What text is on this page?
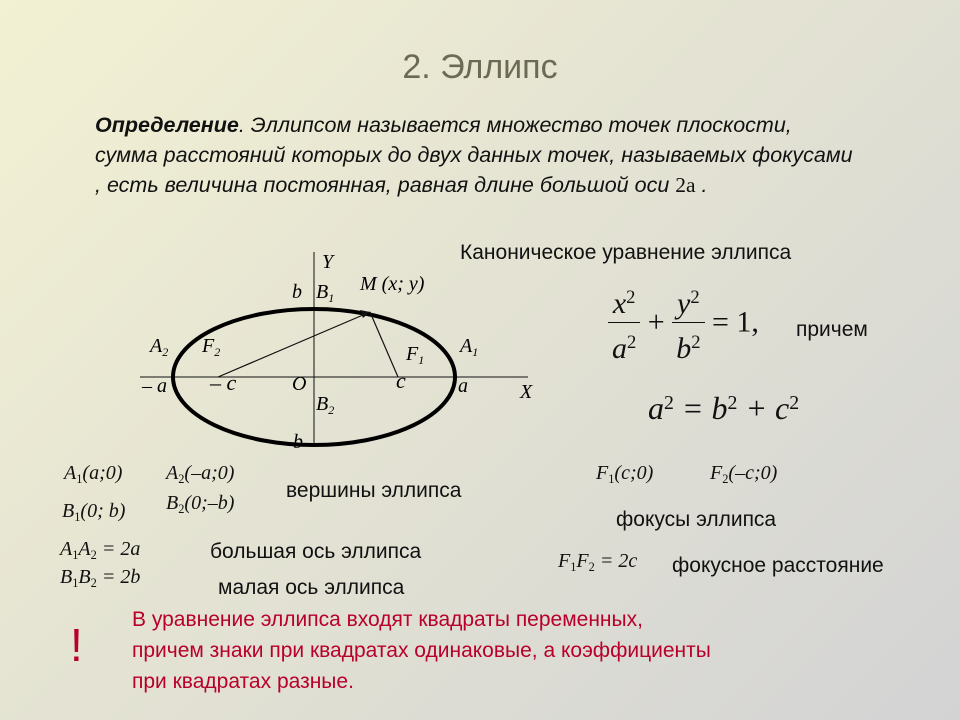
2. Эллипс
Определение. Эллипсом называется множество точек плоскости, сумма расстояний которых до двух данных точек, называемых фокусами , есть величина постоянная, равная длине большой оси 2a .
Y
X
b
– b
a
– a	c
– c	O
M (x; y)
$B_1$
$B_2$
$A_2$	$A_1$
$F_2$	$F_1$
Каноническое уравнение эллипса
$\frac{x^2}{a^2} + \frac{y^2}{b^2} = 1$, причем
$a^2 = b^2 + c^2$
$A_1(a;0)$ $A_2(-a;0)$
$B_1(0$; b) $B_2(0;-b)$
вершины эллипса
$A_1A_2 = 2a$
$B_1B_2 = 2b$
большая ось эллипса
малая ось эллипса
$F_1(c;0)$	$F_2(-c;0)$
фокусы эллипса
$F_1F_2 = 2c$ фокусное расстояние
! В уравнение эллипса входят квадраты переменных,
причем знаки при квадратах одинаковые, а коэффициенты
при квадратах разные.
